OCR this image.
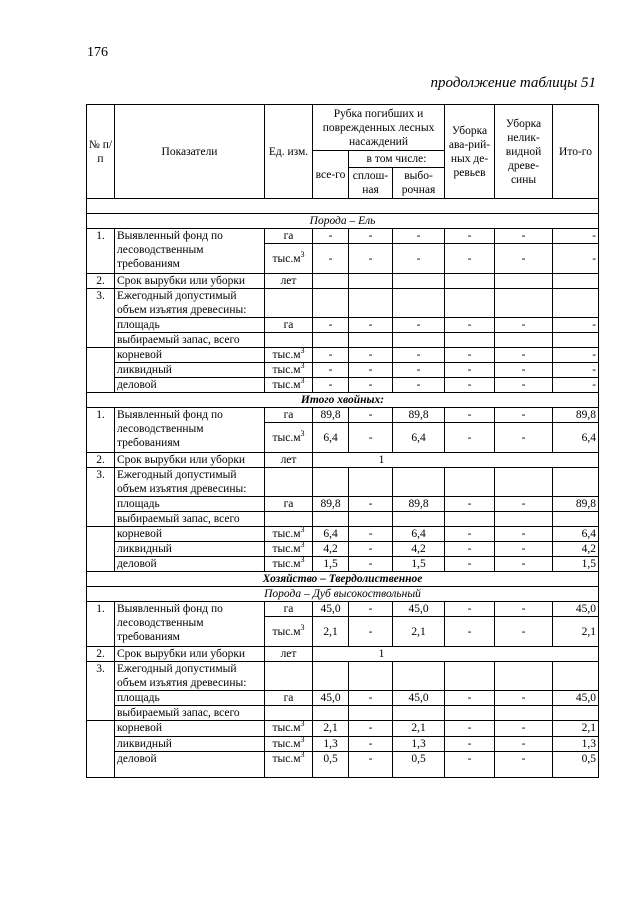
176
продолжение таблицы 51
№ п/п	Показатели	Ед. изм.	Рубка погибших и поврежденных лесных насаждений			Уборка ава-рий-ных де-ревьев	Уборка нелик-видной древе-сины	Ито-го
			все-го	в том числе:				
				сплош-ная	выбо-рочная			

Порода – Ель								
1.	Выявленный фонд по
лесоводственным
требованиям	га	-	-	-	-	-	-
		$тыс.м^3$	-	-	-	-	-	-
2.	Срок вырубки или уборки	лет						
3.	Ежегодный допустимый
объем изъятия древесины:							
	площадь	га	-	-	-	-	-	-
	выбираемый запас, всего							
	корневой	$тыс.м^3$	-	-	-	-	-	-
	ликвидный	$тыс.м^3$	-	-	-	-	-	-
	деловой	$тыс.м^3$	-	-	-	-	-	-
Итого хвойных:								
1.	Выявленный фонд по
лесоводственным
требованиям	га	89,8	-	89,8	-	-	89,8
		$тыс.м^3$	6,4	-	6,4	-	-	6,4
2.	Срок вырубки или уборки	лет	1					
3.	Ежегодный допустимый
объем изъятия древесины:							
	площадь	га	89,8	-	89,8	-	-	89,8
	выбираемый запас, всего							
	корневой	$тыс.м^3$	6,4	-	6,4	-	-	6,4
	ликвидный	$тыс.м^3$	4,2	-	4,2	-	-	4,2
	деловой	$тыс.м^3$	1,5	-	1,5	-	-	1,5
Хозяйство – Твердолиственное								
Порода – Дуб высокоствольный								
1.	Выявленный фонд по
лесоводственным
требованиям	га	45,0	-	45,0	-	-	45,0
		$тыс.м^3$	2,1	-	2,1	-	-	2,1
2.	Срок вырубки или уборки	лет	1					
3.	Ежегодный допустимый
объем изъятия древесины:							
	площадь	га	45,0	-	45,0	-	-	45,0
	выбираемый запас, всего							
	корневой	$тыс.м^3$	2,1	-	2,1	-	-	2,1
	ликвидный	$тыс.м^3$	1,3	-	1,3	-	-	1,3
	деловой	$тыс.м^3$	0,5	-	0,5	-	-	0,5
